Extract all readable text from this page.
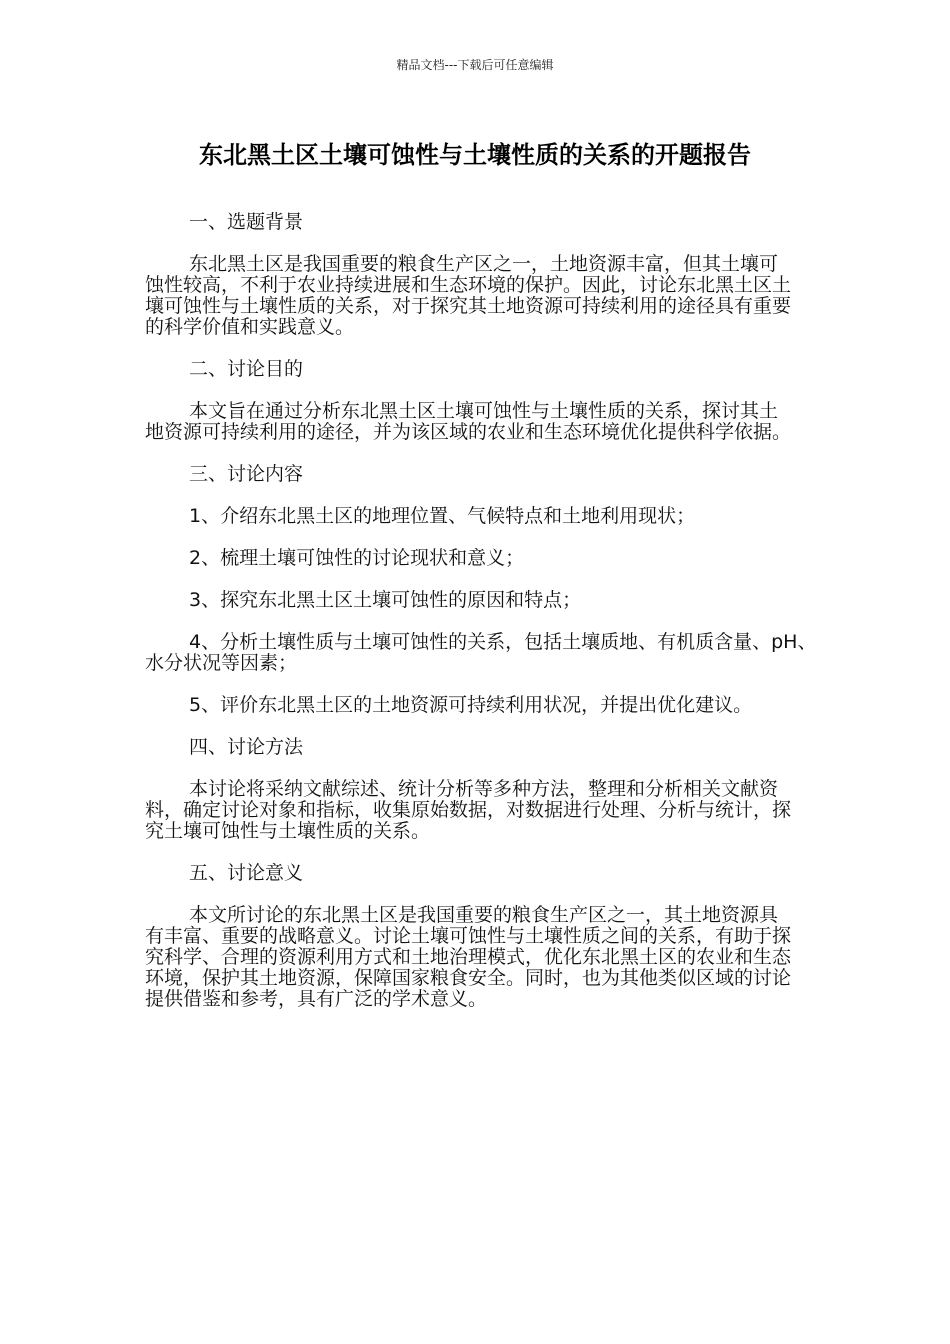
精品文档---下载后可任意编辑
东北黑土区土壤可蚀性与土壤性质的关系的开题报告

一、选题背景

东北黑土区是我国重要的粮食生产区之一，土地资源丰富，但其土壤可蚀性较高，不利于农业持续进展和生态环境的保护。因此，讨论东北黑土区土壤可蚀性与土壤性质的关系，对于探究其土地资源可持续利用的途径具有重要的科学价值和实践意义。

二、讨论目的

本文旨在通过分析东北黑土区土壤可蚀性与土壤性质的关系，探讨其土地资源可持续利用的途径，并为该区域的农业和生态环境优化提供科学依据。

三、讨论内容

1、介绍东北黑土区的地理位置、气候特点和土地利用现状；

2、梳理土壤可蚀性的讨论现状和意义；

3、探究东北黑土区土壤可蚀性的原因和特点；

4、分析土壤性质与土壤可蚀性的关系，包括土壤质地、有机质含量、pH、水分状况等因素；

5、评价东北黑土区的土地资源可持续利用状况，并提出优化建议。

四、讨论方法

本讨论将采纳文献综述、统计分析等多种方法，整理和分析相关文献资料，确定讨论对象和指标，收集原始数据，对数据进行处理、分析与统计，探究土壤可蚀性与土壤性质的关系。

五、讨论意义

本文所讨论的东北黑土区是我国重要的粮食生产区之一，其土地资源具有丰富、重要的战略意义。讨论土壤可蚀性与土壤性质之间的关系，有助于探究科学、合理的资源利用方式和土地治理模式，优化东北黑土区的农业和生态环境，保护其土地资源，保障国家粮食安全。同时，也为其他类似区域的讨论提供借鉴和参考，具有广泛的学术意义。
